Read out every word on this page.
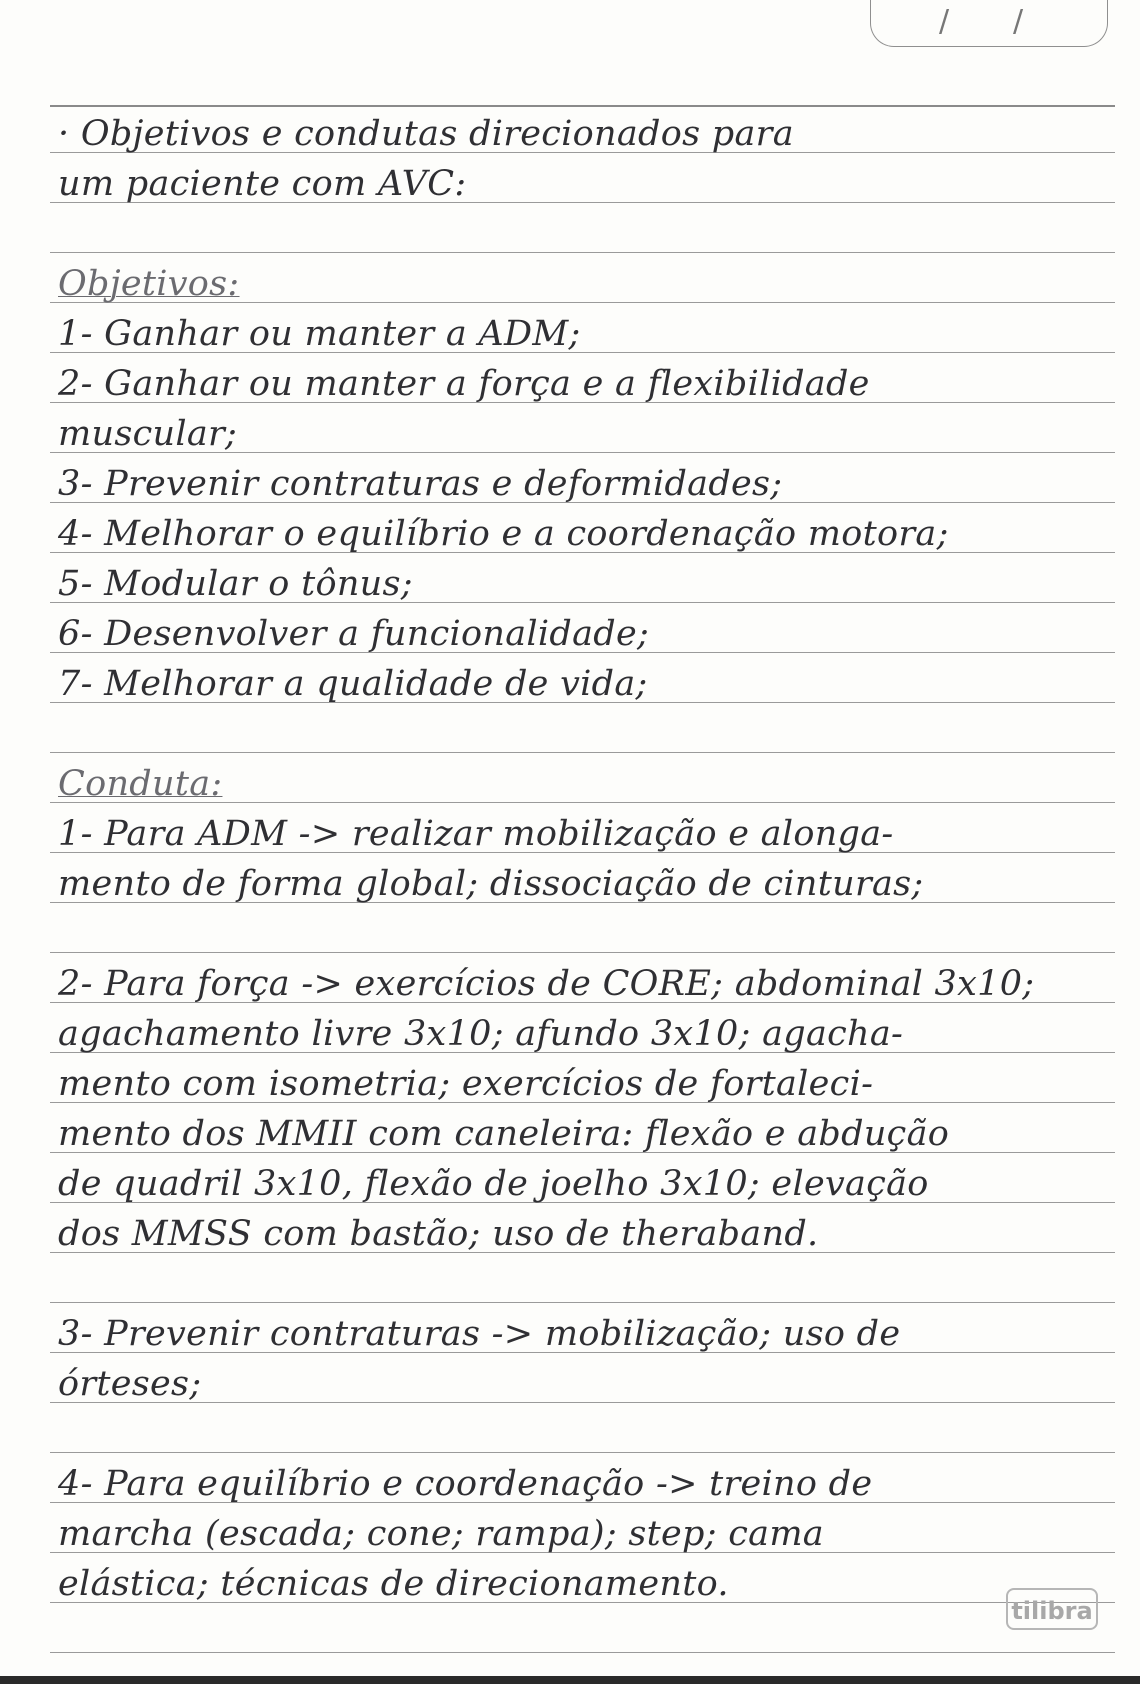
/ /
· Objetivos e condutas direcionados para
um paciente com AVC:
Objetivos:
1- Ganhar ou manter a ADM;
2- Ganhar ou manter a força e a flexibilidade
muscular;
3- Prevenir contraturas e deformidades;
4- Melhorar o equilíbrio e a coordenação motora;
5- Modular o tônus;
6- Desenvolver a funcionalidade;
7- Melhorar a qualidade de vida;
Conduta:
1- Para ADM -> realizar mobilização e alonga-
mento de forma global; dissociação de cinturas;
2- Para força -> exercícios de CORE; abdominal 3x10;
agachamento livre 3x10; afundo 3x10; agacha-
mento com isometria; exercícios de fortaleci-
mento dos MMII com caneleira: flexão e abdução
de quadril 3x10, flexão de joelho 3x10; elevação
dos MMSS com bastão; uso de theraband.
3- Prevenir contraturas -> mobilização; uso de
órteses;
4- Para equilíbrio e coordenação -> treino de
marcha (escada; cone; rampa); step; cama
elástica; técnicas de direcionamento.
tilibra
